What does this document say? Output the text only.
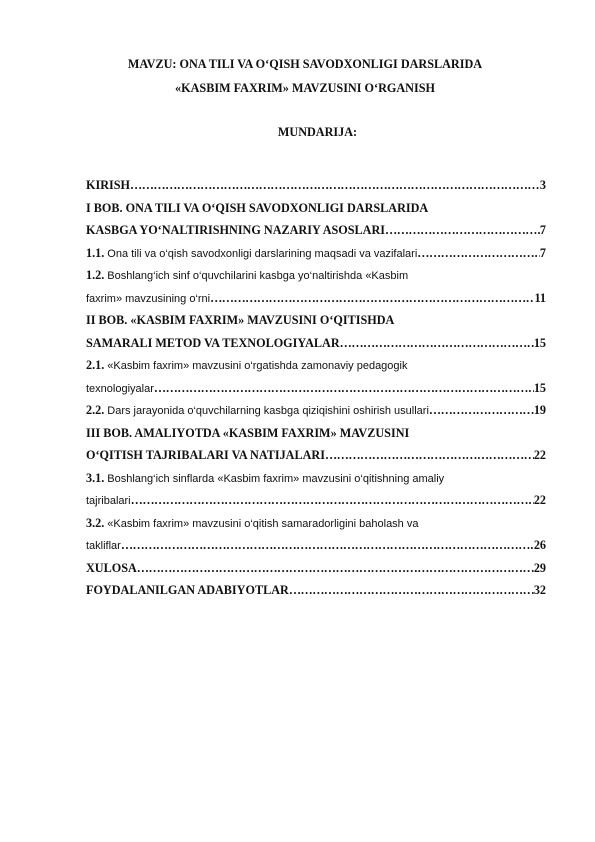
MAVZU: ONA TILI VA O‘QISH SAVODXONLIGI DARSLARIDA
«KASBIM FAXRIM» MAVZUSINI O‘RGANISH
MUNDARIJA:
KIRISH ……………………………………………………………………………………………………………………………………………………………………	3
I BOB. ONA TILI VA O‘QISH SAVODXONLIGI DARSLARIDA
KASBGA YO‘NALTIRISHNING NAZARIY ASOSLARI ……………………………………………………………………………………………………………………………………………………………………	7
1.1. Ona tili va o‘qish savodxonligi darslarining maqsadi va vazifalari ……………………………………………………………………………………………………………………………………………………………………	7
1.2. Boshlang‘ich sinf o‘quvchilarini kasbga yo‘naltirishda «Kasbim
faxrim» mavzusining o‘rni ……………………………………………………………………………………………………………………………………………………………………	11
II BOB. «KASBIM FAXRIM» MAVZUSINI O‘QITISHDA
SAMARALI METOD VA TEXNOLOGIYALAR ……………………………………………………………………………………………………………………………………………………………………	15
2.1. «Kasbim faxrim» mavzusini o‘rgatishda zamonaviy pedagogik
texnologiyalar ……………………………………………………………………………………………………………………………………………………………………	15
2.2. Dars jarayonida o‘quvchilarning kasbga qiziqishini oshirish usullari ……………………………………………………………………………………………………………………………………………………………………	19
III BOB. AMALIYOTDA «KASBIM FAXRIM» MAVZUSINI
O‘QITISH TAJRIBALARI VA NATIJALARI ……………………………………………………………………………………………………………………………………………………………………	22
3.1. Boshlang‘ich sinflarda «Kasbim faxrim» mavzusini o‘qitishning amaliy
tajribalari ……………………………………………………………………………………………………………………………………………………………………	22
3.2. «Kasbim faxrim» mavzusini o‘qitish samaradorligini baholash va
takliflar ……………………………………………………………………………………………………………………………………………………………………	26
XULOSA ……………………………………………………………………………………………………………………………………………………………………	29
FOYDALANILGAN ADABIYOTLAR ……………………………………………………………………………………………………………………………………………………………………	32
